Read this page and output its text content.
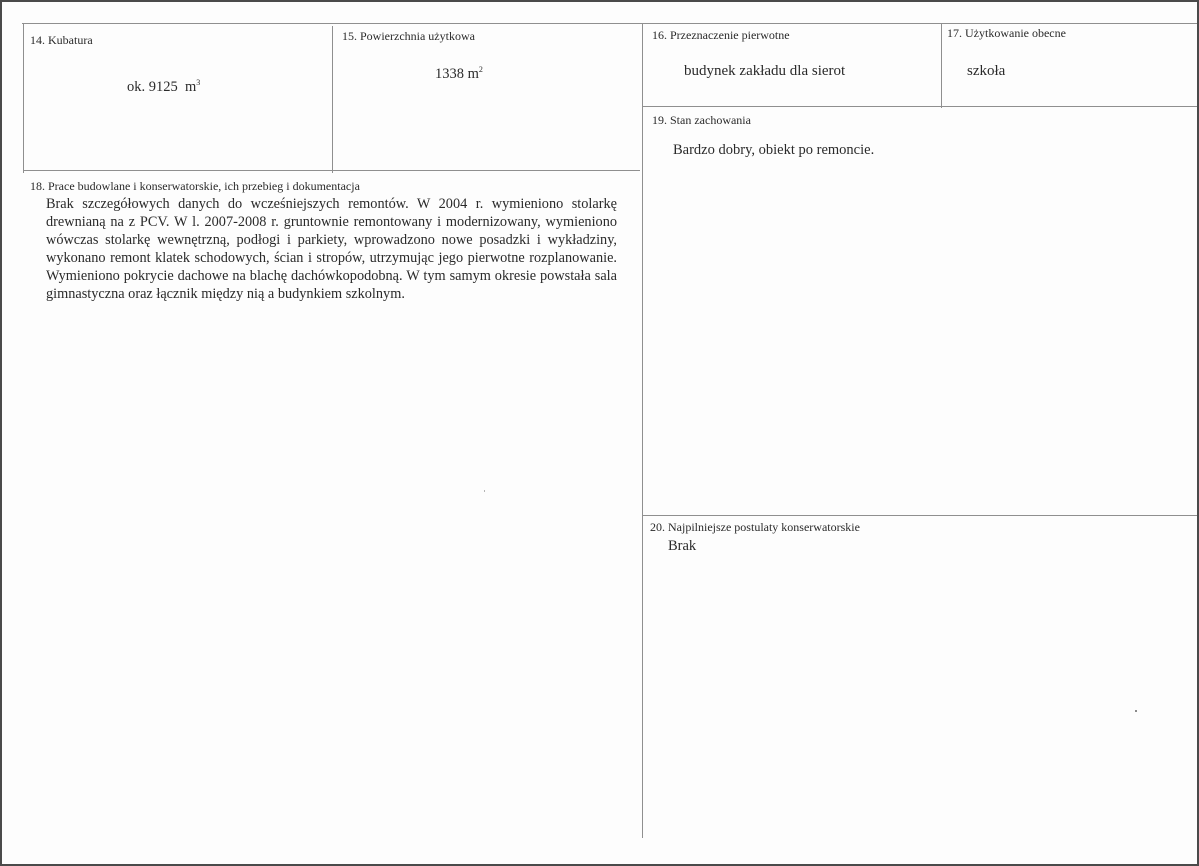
14. Kubatura
ok. 9125 $m^3$
15. Powierzchnia użytkowa
1338 $m^2$
16. Przeznaczenie pierwotne
budynek zakładu dla sierot
17. Użytkowanie obecne
szkoła
18. Prace budowlane i konserwatorskie, ich przebieg i dokumentacja
Brak szczegółowych danych do wcześniejszych remontów. W 2004 r. wymieniono stolarkę drewnianą na z PCV. W l. 2007-2008 r. gruntownie remontowany i modernizowany, wymieniono wówczas stolarkę wewnętrzną, podłogi i parkiety, wprowadzono nowe posadzki i wykładziny, wykonano remont klatek schodowych, ścian i stropów, utrzymując jego pierwotne rozplanowanie. Wymieniono pokrycie dachowe na blachę dachówkopodobną. W tym samym okresie powstała sala gimnastyczna oraz łącznik między nią a budynkiem szkolnym.
19. Stan zachowania
Bardzo dobry, obiekt po remoncie.
20. Najpilniejsze postulaty konserwatorskie
Brak
